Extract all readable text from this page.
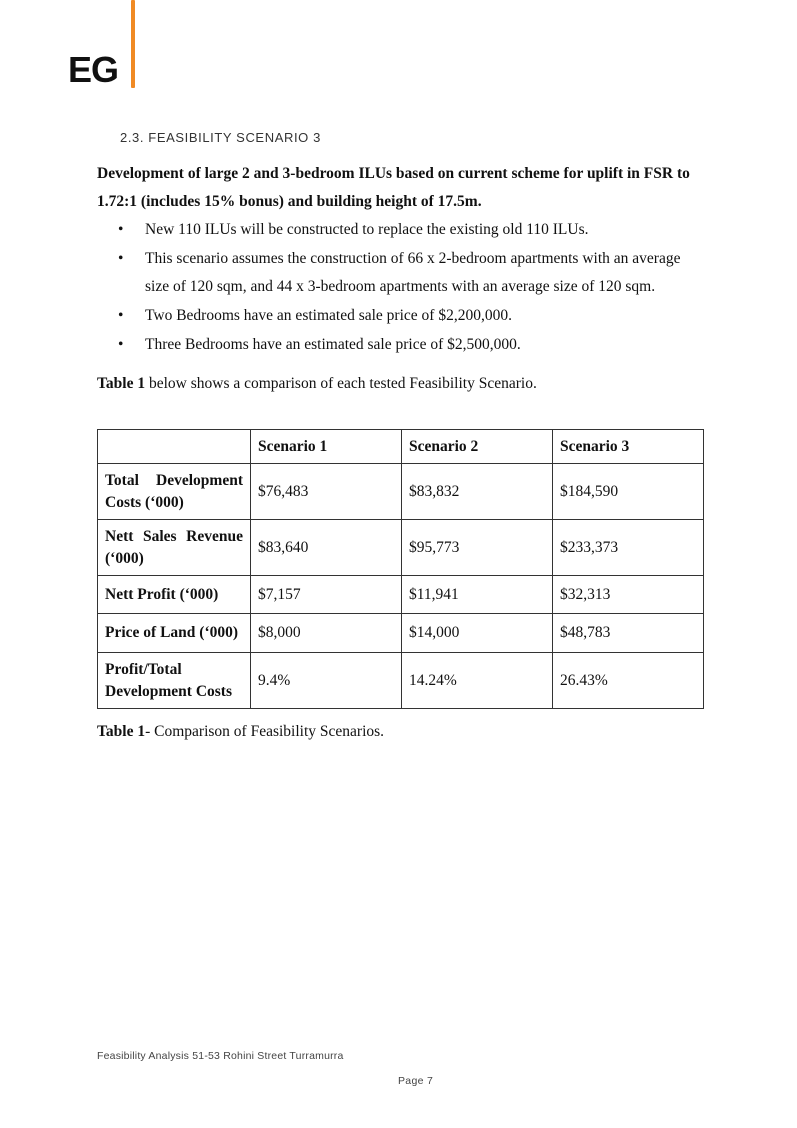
EG
2.3. FEASIBILITY SCENARIO 3
Development of large 2 and 3-bedroom ILUs based on current scheme for uplift in FSR to 1.72:1 (includes 15% bonus) and building height of 17.5m.
• New 110 ILUs will be constructed to replace the existing old 110 ILUs.
• This scenario assumes the construction of 66 x 2-bedroom apartments with an average size of 120 sqm, and 44 x 3-bedroom apartments with an average size of 120 sqm.
• Two Bedrooms have an estimated sale price of $2,200,000.
• Three Bedrooms have an estimated sale price of $2,500,000.
Table 1 below shows a comparison of each tested Feasibility Scenario.
	Scenario 1	Scenario 2	Scenario 3
Total Development Costs (‘000)	$76,483	$83,832	$184,590
Nett Sales Revenue (‘000)	$83,640	$95,773	$233,373
Nett Profit (‘000)	$7,157	$11,941	$32,313
Price of Land (‘000)	$8,000	$14,000	$48,783
Profit/Total Development Costs	9.4%	14.24%	26.43%
Table 1- Comparison of Feasibility Scenarios.
Feasibility Analysis 51-53 Rohini Street Turramurra
Page 7
